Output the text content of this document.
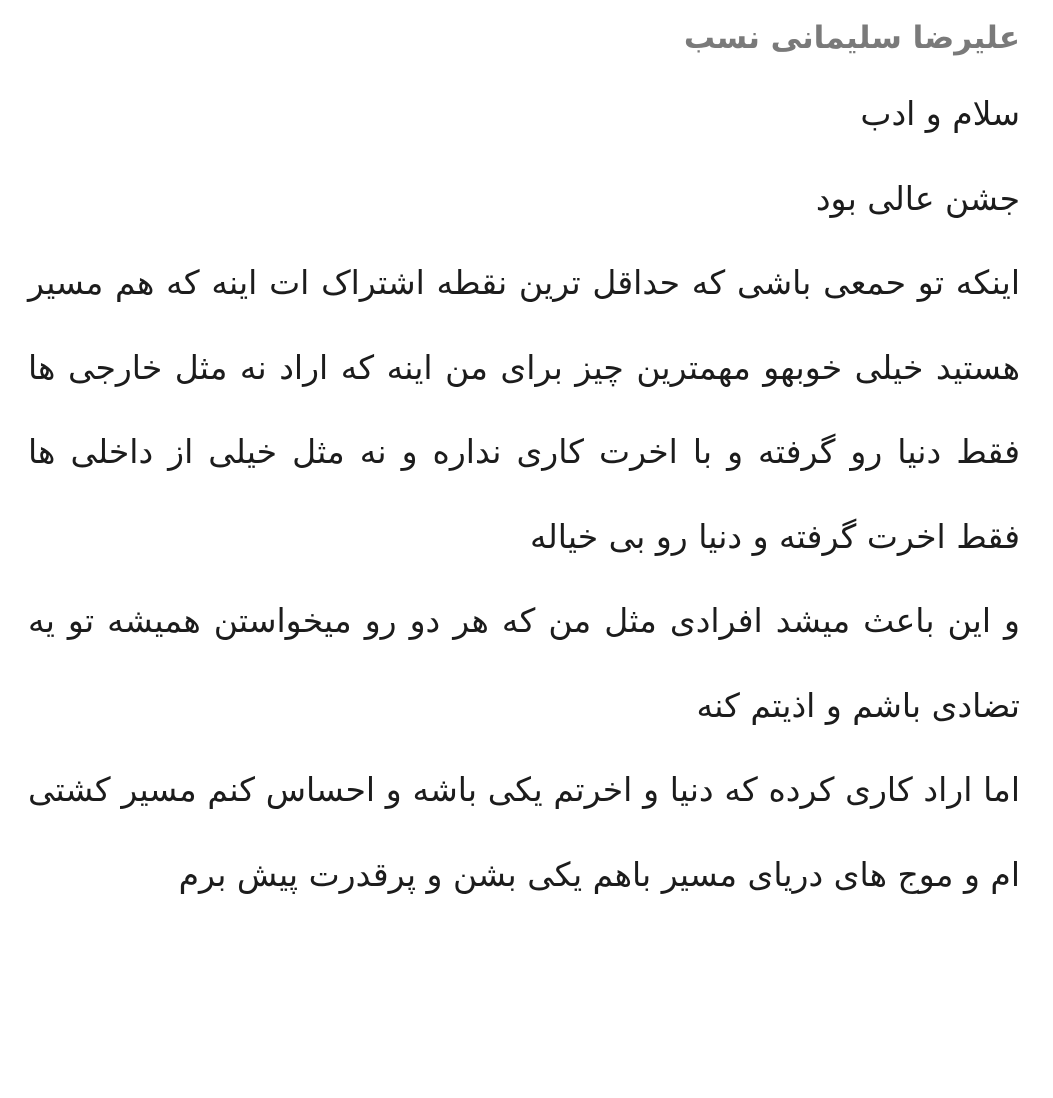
علیرضا سلیمانی نسب
سلام و ادب
جشن عالی بود
اینکه تو حمعی باشی که حداقل ترین نقطه اشتراک ات اینه که هم مسیر هستید خیلی خوبهو مهمترین چیز برای من اینه که اراد نه مثل خارجی ها فقط دنیا رو گرفته و با اخرت کاری نداره و نه مثل خیلی از داخلی ها فقط اخرت گرفته و دنیا رو بی خیاله
و این باعث میشد افرادی مثل من که هر دو رو میخواستن همیشه تو یه تضادی باشم و اذیتم کنه
اما اراد کاری کرده که دنیا و اخرتم یکی باشه و احساس کنم مسیر کشتی ام و موج های دریای مسیر باهم یکی بشن و پرقدرت پیش برم
